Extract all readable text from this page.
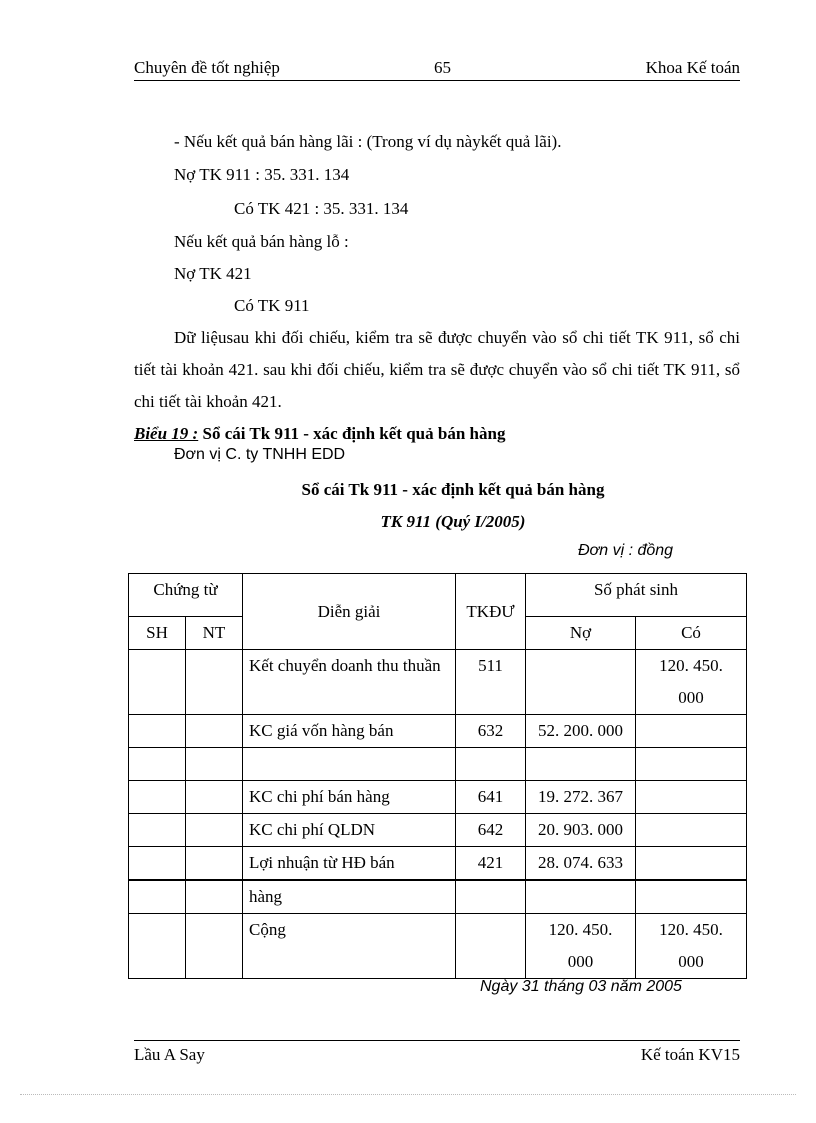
Chuyên đề tốt nghiệp	65	Khoa Kế toán
- Nếu kết quả bán hàng lãi : (Trong ví dụ nàykết quả lãi).
Nợ TK 911 : 35. 331. 134
Có TK 421 : 35. 331. 134
Nếu kết quả bán hàng lỗ :
Nợ TK 421
Có TK 911
Dữ liệusau khi đối chiếu, kiểm tra sẽ được chuyển vào sổ chi tiết TK 911, sổ chi tiết tài khoản 421. sau khi đối chiếu, kiểm tra sẽ được chuyển vào sổ chi tiết TK 911, sổ chi tiết tài khoản 421.
Biểu 19 : Sổ cái Tk 911 - xác định kết quả bán hàng
Đơn vị C. ty TNHH EDD
Sổ cái Tk 911 - xác định kết quả bán hàng
TK 911 (Quý I/2005)
Đơn vị : đồng
Chứng từ		Diễn giải	TKĐƯ	Số phát sinh	
SH	NT			Nợ	Có
		Kết chuyển doanh thu thuần	511		120. 450. 000
		KC giá vốn hàng bán	632	52. 200. 000	

		KC chi phí bán hàng	641	19. 272. 367	
		KC chi phí QLDN	642	20. 903. 000	
		Lợi nhuận từ HĐ bán	421	28. 074. 633	
		hàng			
		Cộng		120. 450. 000	120. 450. 000
Ngày 31 tháng 03 năm 2005
Lầu A Say	Kế toán KV15
